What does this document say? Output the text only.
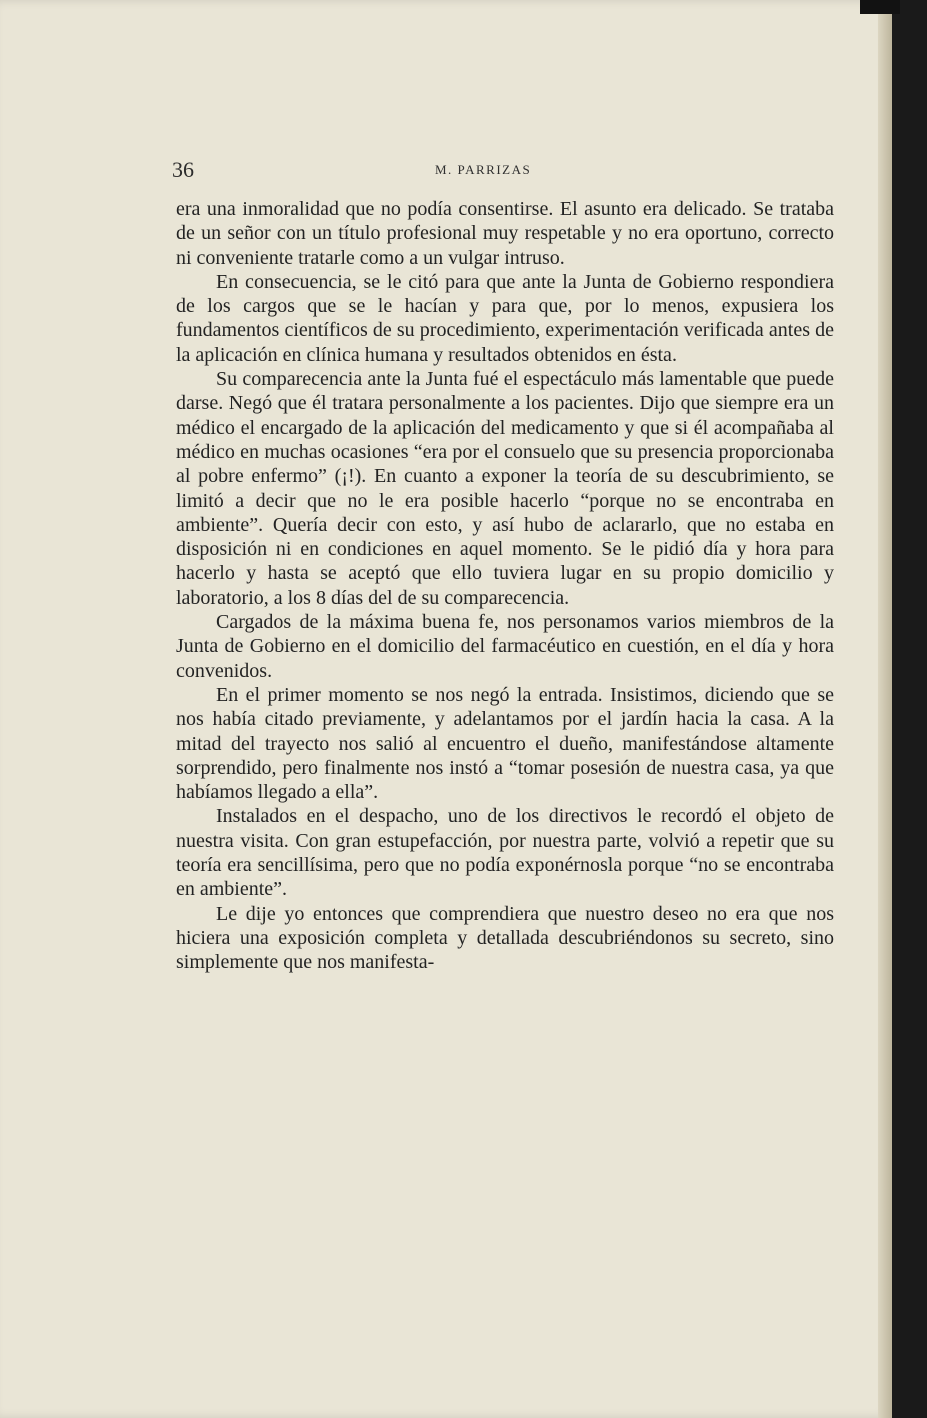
36	M. PARRIZAS

era una inmoralidad que no podía consentirse. El asunto era delicado. Se trataba de un señor con un título profesional muy respetable y no era oportuno, correcto ni conveniente tratarle como a un vulgar intruso.

En consecuencia, se le citó para que ante la Junta de Gobierno respondiera de los cargos que se le hacían y para que, por lo menos, expusiera los fundamentos científicos de su procedimiento, experimentación verificada antes de la aplicación en clínica humana y resultados obtenidos en ésta.

Su comparecencia ante la Junta fué el espectáculo más lamentable que puede darse. Negó que él tratara personalmente a los pacientes. Dijo que siempre era un médico el encargado de la aplicación del medicamento y que si él acompañaba al médico en muchas ocasiones “era por el consuelo que su presencia proporcionaba al pobre enfermo” (¡!). En cuanto a exponer la teoría de su descubrimiento, se limitó a decir que no le era posible hacerlo “porque no se encontraba en ambiente”. Quería decir con esto, y así hubo de aclararlo, que no estaba en disposición ni en condiciones en aquel momento. Se le pidió día y hora para hacerlo y hasta se aceptó que ello tuviera lugar en su propio domicilio y laboratorio, a los 8 días del de su comparecencia.

Cargados de la máxima buena fe, nos personamos varios miembros de la Junta de Gobierno en el domicilio del farmacéutico en cuestión, en el día y hora convenidos.

En el primer momento se nos negó la entrada. Insistimos, diciendo que se nos había citado previamente, y adelantamos por el jardín hacia la casa. A la mitad del trayecto nos salió al encuentro el dueño, manifestándose altamente sorprendido, pero finalmente nos instó a “tomar posesión de nuestra casa, ya que habíamos llegado a ella”.

Instalados en el despacho, uno de los directivos le recordó el objeto de nuestra visita. Con gran estupefacción, por nuestra parte, volvió a repetir que su teoría era sencillísima, pero que no podía exponérnosla porque “no se encontraba en ambiente”.

Le dije yo entonces que comprendiera que nuestro deseo no era que nos hiciera una exposición completa y detallada descubriéndonos su secreto, sino simplemente que nos manifesta-
